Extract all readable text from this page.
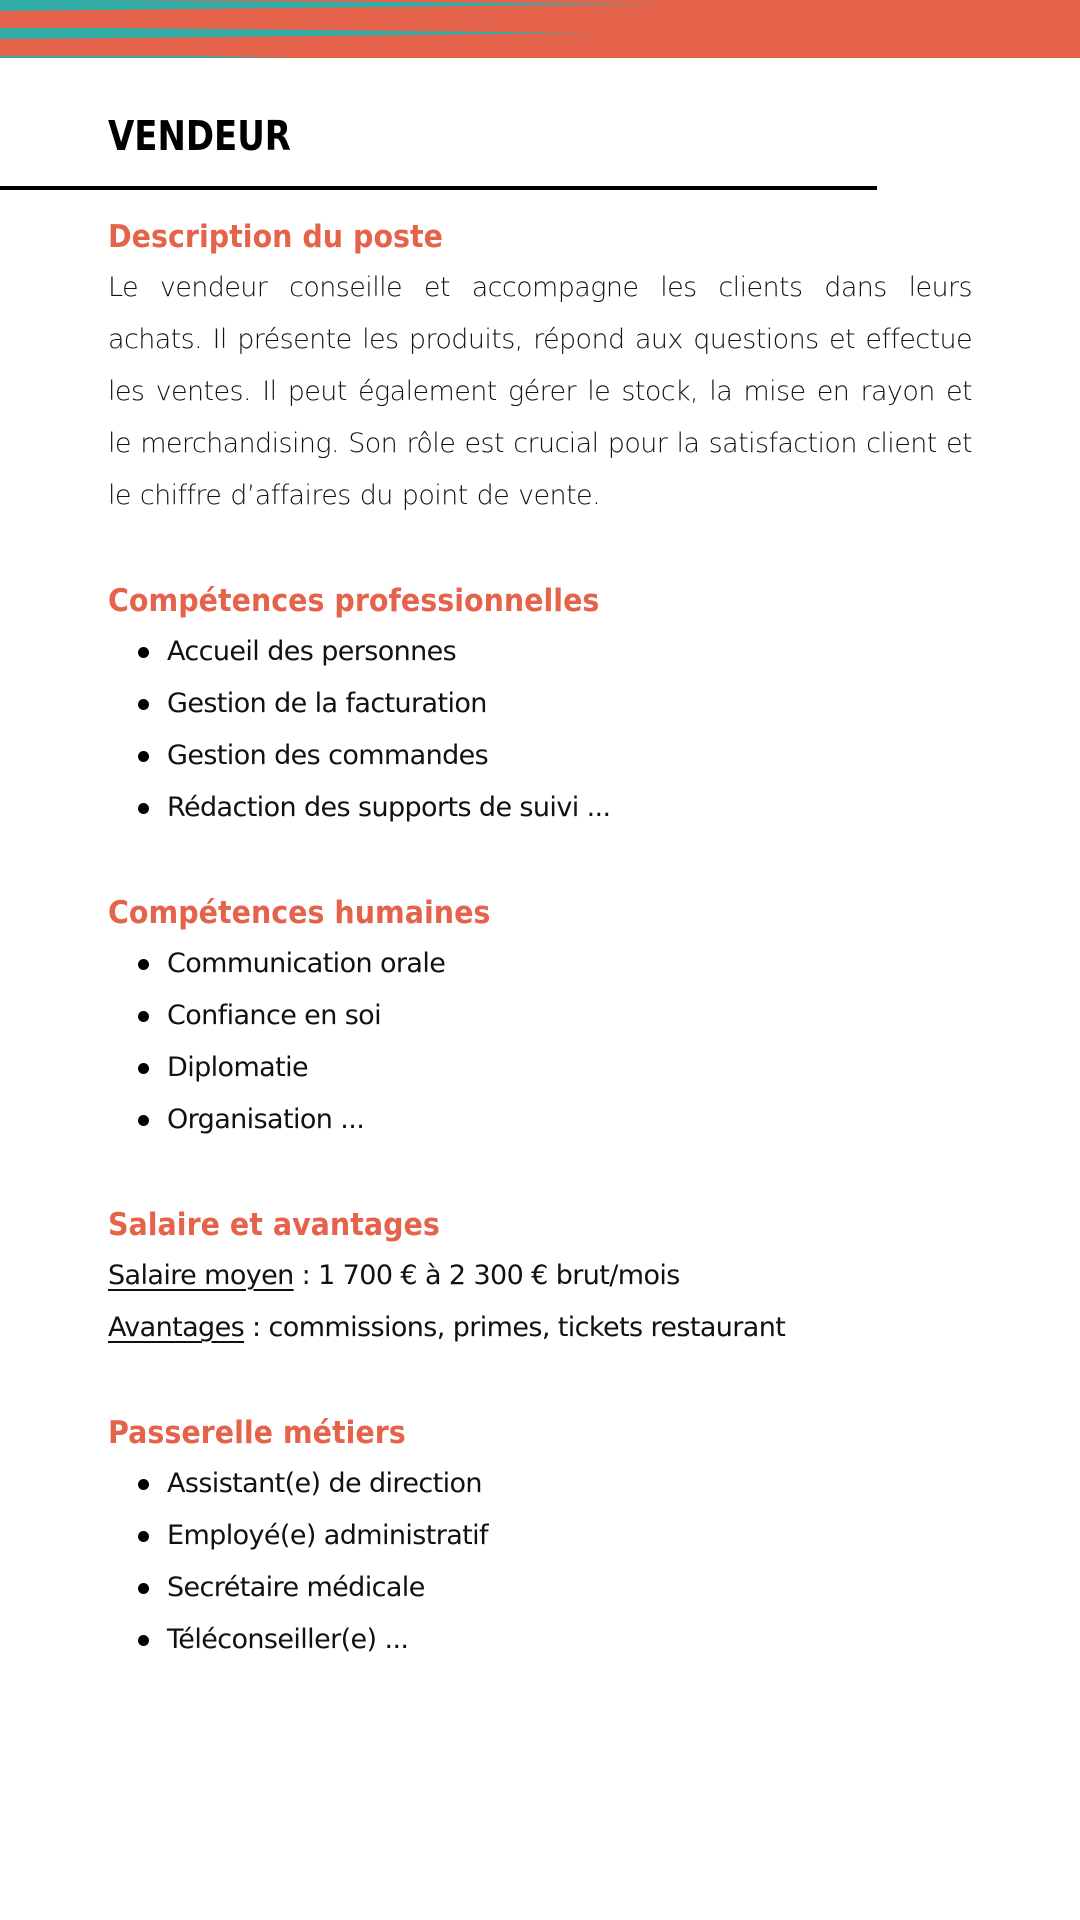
VENDEUR
Description du poste

Le vendeur conseille et accompagne les clients dans leurs achats. Il présente les produits, répond aux questions et effectue les ventes. Il peut également gérer le stock, la mise en rayon et le merchandising. Son rôle est crucial pour la satisfaction client et le chiffre d’affaires du point de vente.

Compétences professionnelles
Accueil des personnes
Gestion de la facturation
Gestion des commandes
Rédaction des supports de suivi ...
Compétences humaines
Communication orale
Confiance en soi
Diplomatie
Organisation ...
Salaire et avantages

Salaire moyen : 1 700 € à 2 300 € brut/mois

Avantages : commissions, primes, tickets restaurant

Passerelle métiers
Assistant(e) de direction
Employé(e) administratif
Secrétaire médicale
Téléconseiller(e) ...
